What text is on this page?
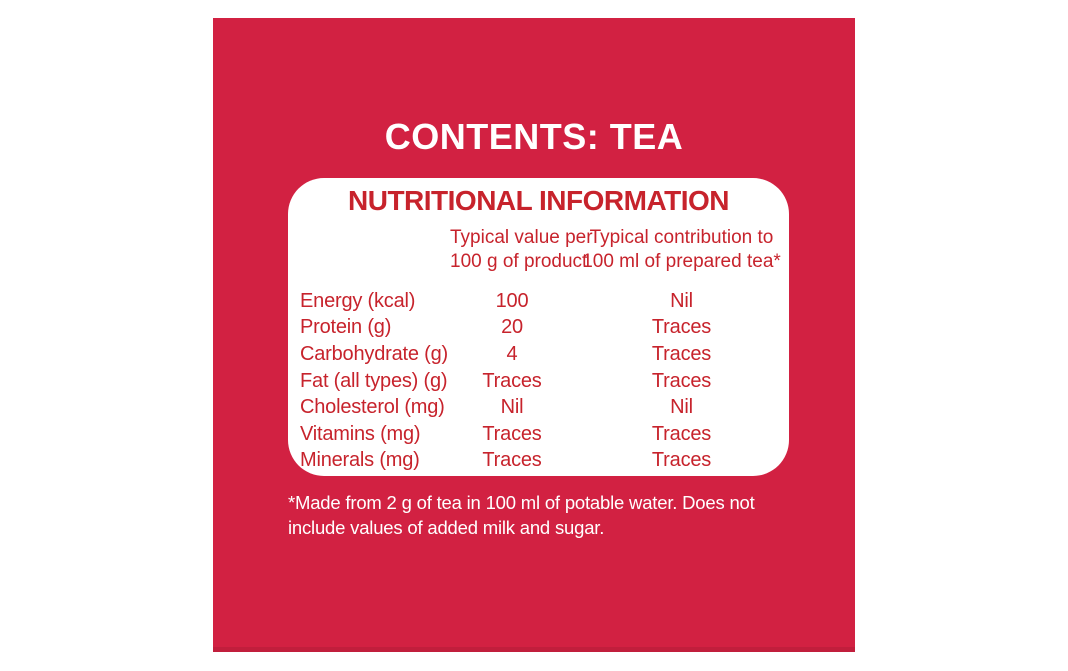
CONTENTS: TEA
NUTRITIONAL INFORMATION
Typical value per
100 g of product
Typical contribution to
100 ml of prepared tea*
Energy (kcal)	100	Nil
Protein (g)	20	Traces
Carbohydrate (g)	4	Traces
Fat (all types) (g)	Traces	Traces
Cholesterol (mg)	Nil	Nil
Vitamins (mg)	Traces	Traces
Minerals (mg)	Traces	Traces
*Made from 2 g of tea in 100 ml of potable water. Does not
include values of added milk and sugar.
